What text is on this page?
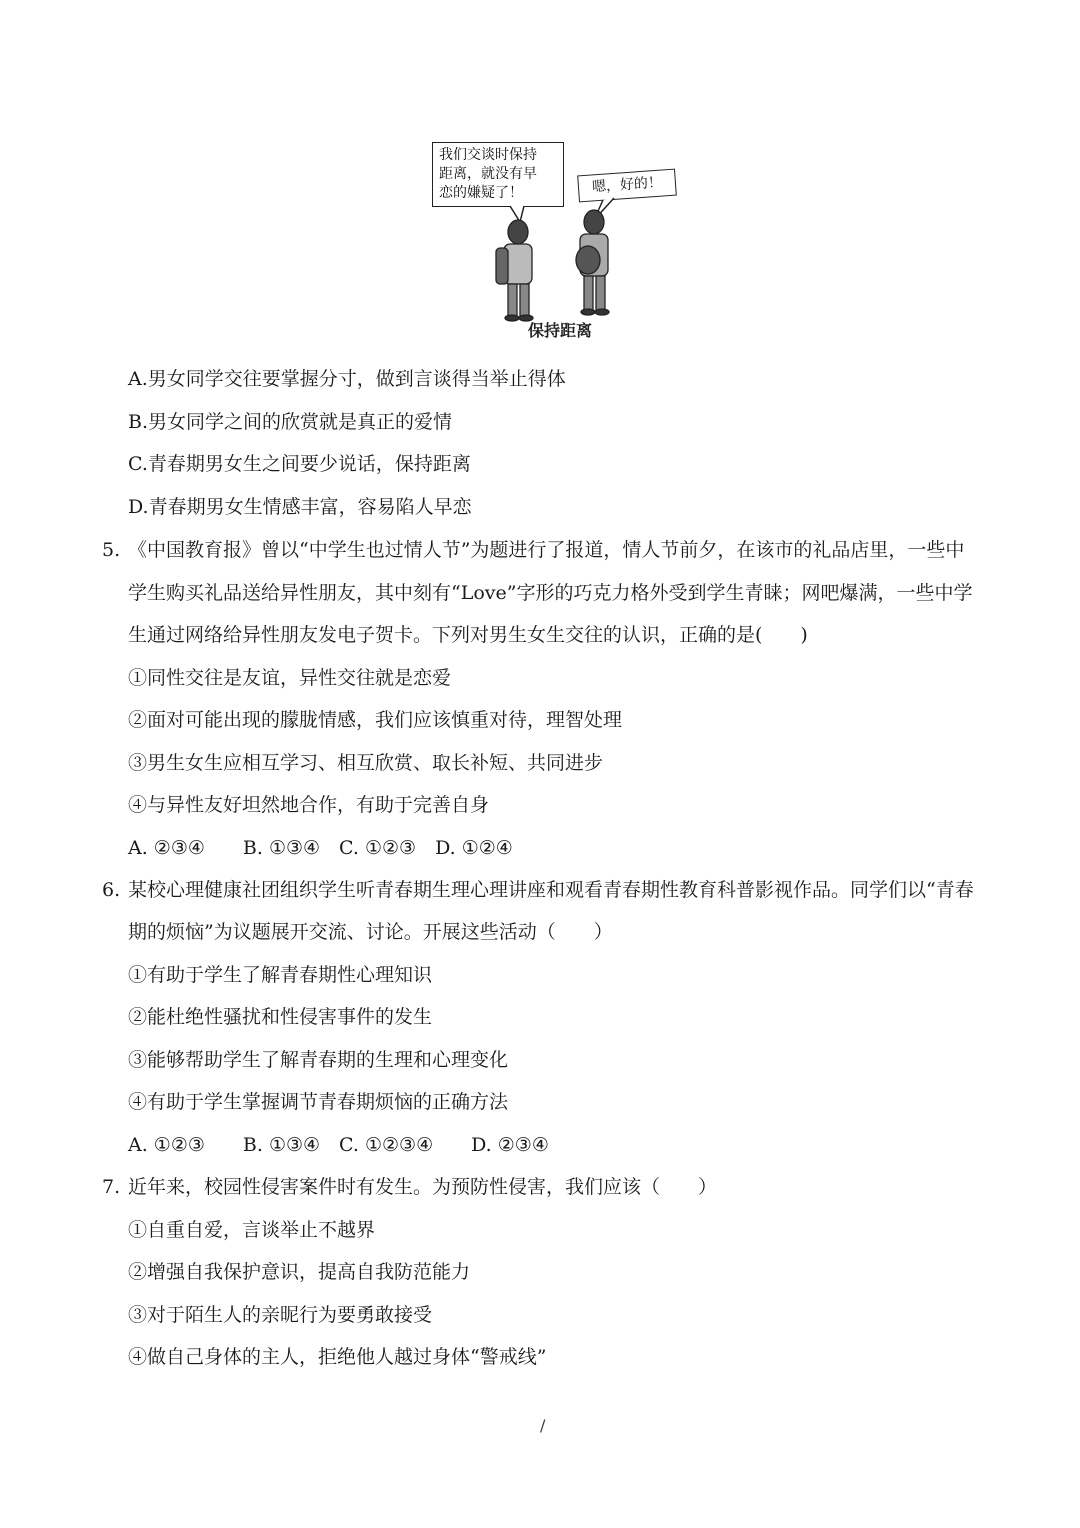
我们交谈时保持
距离，就没有早
恋的嫌疑了！	嗯，好的！
保持距离
A.男女同学交往要掌握分寸，做到言谈得当举止得体
B.男女同学之间的欣赏就是真正的爱情
C.青春期男女生之间要少说话，保持距离
D.青春期男女生情感丰富，容易陷人早恋
5. 《中国教育报》曾以“中学生也过情人节”为题进行了报道，情人节前夕，在该市的礼品店里，一些中
学生购买礼品送给异性朋友，其中刻有“Love”字形的巧克力格外受到学生青睐；网吧爆满，一些中学
生通过网络给异性朋友发电子贺卡。下列对男生女生交往的认识，正确的是(　　)
①同性交往是友谊，异性交往就是恋爱
②面对可能出现的朦胧情感，我们应该慎重对待，理智处理
③男生女生应相互学习、相互欣赏、取长补短、共同进步
④与异性友好坦然地合作，有助于完善自身
A. ②③④　　B. ①③④　C. ①②③　D. ①②④
6. 某校心理健康社团组织学生听青春期生理心理讲座和观看青春期性教育科普影视作品。同学们以“青春
期的烦恼”为议题展开交流、讨论。开展这些活动（　　）
①有助于学生了解青春期性心理知识
②能杜绝性骚扰和性侵害事件的发生
③能够帮助学生了解青春期的生理和心理变化
④有助于学生掌握调节青春期烦恼的正确方法
A. ①②③　　B. ①③④　C. ①②③④　　D. ②③④
7. 近年来，校园性侵害案件时有发生。为预防性侵害，我们应该（　　）
①自重自爱，言谈举止不越界
②增强自我保护意识，提高自我防范能力
③对于陌生人的亲昵行为要勇敢接受
④做自己身体的主人，拒绝他人越过身体“警戒线”
/
